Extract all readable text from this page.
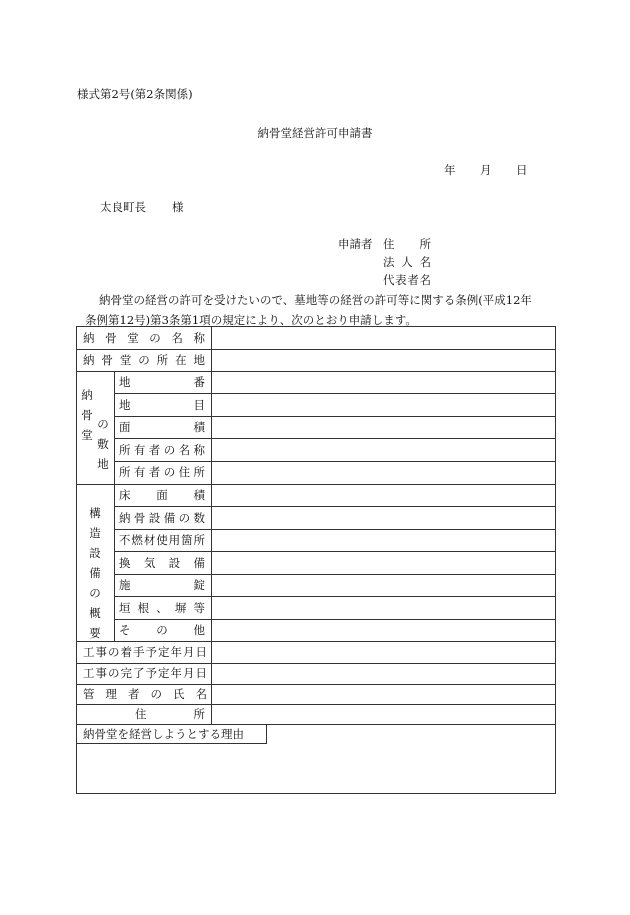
様式第2号(第2条関係)
納骨堂経営許可申請書
年 月 日
太良町長 様
申請者 住　所
法人名
代表者名
納骨堂の経営の許可を受けたいので、墓地等の経営の許可等に関する条例(平成12年
条例第12号)第3条第1項の規定により、次のとおり申請します。
納骨堂の名称
納骨堂の所在地
納
骨
堂
の
敷
地
地番
地目
面積
所有者の名称
所有者の住所
構
造
設
備
の
概
要
床面積
納骨設備の数
不燃材使用箇所
換気設備
施錠
垣根、塀等
その他
工事の着手予定年月日
工事の完了予定年月日
管理者の氏名
住所
納骨堂を経営しようとする理由
